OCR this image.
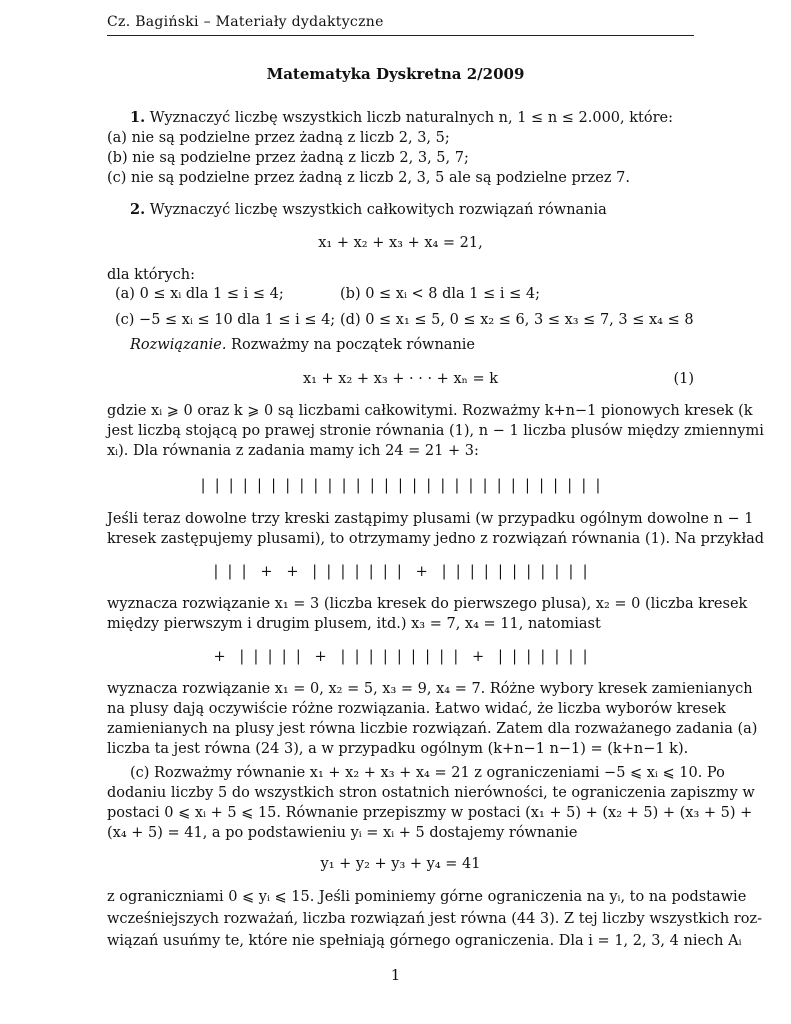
Cz. Bagiński – Materiały dydaktyczne
Matematyka Dyskretna 2/2009
1. Wyznaczyć liczbę wszystkich liczb naturalnych n, 1 ≤ n ≤ 2.000, które:
(a) nie są podzielne przez żadną z liczb 2, 3, 5;
(b) nie są podzielne przez żadną z liczb 2, 3, 5, 7;
(c) nie są podzielne przez żadną z liczb 2, 3, 5 ale są podzielne przez 7.
2. Wyznaczyć liczbę wszystkich całkowitych rozwiązań równania
x₁ + x₂ + x₃ + x₄ = 21,
dla których:
(a) 0 ≤ xᵢ dla 1 ≤ i ≤ 4;	(b) 0 ≤ xᵢ < 8 dla 1 ≤ i ≤ 4;
(c) −5 ≤ xᵢ ≤ 10 dla 1 ≤ i ≤ 4; (d) 0 ≤ x₁ ≤ 5, 0 ≤ x₂ ≤ 6, 3 ≤ x₃ ≤ 7, 3 ≤ x₄ ≤ 8
Rozwiązanie. Rozważmy na początek równanie
x₁ + x₂ + x₃ + · · · + xₙ = k	(1)
gdzie xᵢ ⩾ 0 oraz k ⩾ 0 są liczbami całkowitymi. Rozważmy k+n−1 pionowych kresek (k
jest liczbą stojącą po prawej stronie równania (1), n − 1 liczba plusów między zmiennymi
xᵢ). Dla równania z zadania mamy ich 24 = 21 + 3:
|  |  |  |  |  |  |  |  |  |  |  |  |  |  |  |  |  |  |  |  |  |  |  |  |  |  |  |  |
Jeśli teraz dowolne trzy kreski zastąpimy plusami (w przypadku ogólnym dowolne n − 1
kresek zastępujemy plusami), to otrzymamy jedno z rozwiązań równania (1). Na przykład
|  |  |   +   +   |  |  |  |  |  |  |   +   |  |  |  |  |  |  |  |  |  |  |
wyznacza rozwiązanie x₁ = 3 (liczba kresek do pierwszego plusa), x₂ = 0 (liczba kresek
między pierwszym i drugim plusem, itd.) x₃ = 7, x₄ = 11, natomiast
+   |  |  |  |  |   +   |  |  |  |  |  |  |  |  |   +   |  |  |  |  |  |  |
wyznacza rozwiązanie x₁ = 0, x₂ = 5, x₃ = 9, x₄ = 7. Różne wybory kresek zamienianych
na plusy dają oczywiście różne rozwiązania. Łatwo widać, że liczba wyborów kresek
zamienianych na plusy jest równa liczbie rozwiązań. Zatem dla rozważanego zadania (a)
liczba ta jest równa (24 3), a w przypadku ogólnym (k+n−1 n−1) = (k+n−1 k).
(c) Rozważmy równanie x₁ + x₂ + x₃ + x₄ = 21 z ograniczeniami −5 ⩽ xᵢ ⩽ 10. Po
dodaniu liczby 5 do wszystkich stron ostatnich nierówności, te ograniczenia zapiszmy w
postaci 0 ⩽ xᵢ + 5 ⩽ 15. Równanie przepiszmy w postaci (x₁ + 5) + (x₂ + 5) + (x₃ + 5) +
(x₄ + 5) = 41, a po podstawieniu yᵢ = xᵢ + 5 dostajemy równanie
y₁ + y₂ + y₃ + y₄ = 41
z ograniczniami 0 ⩽ yᵢ ⩽ 15. Jeśli pominiemy górne ograniczenia na yᵢ, to na podstawie
wcześniejszych rozważań, liczba rozwiązań jest równa (44 3). Z tej liczby wszystkich roz-
wiązań usuńmy te, które nie spełniają górnego ograniczenia. Dla i = 1, 2, 3, 4 niech Aᵢ
1
